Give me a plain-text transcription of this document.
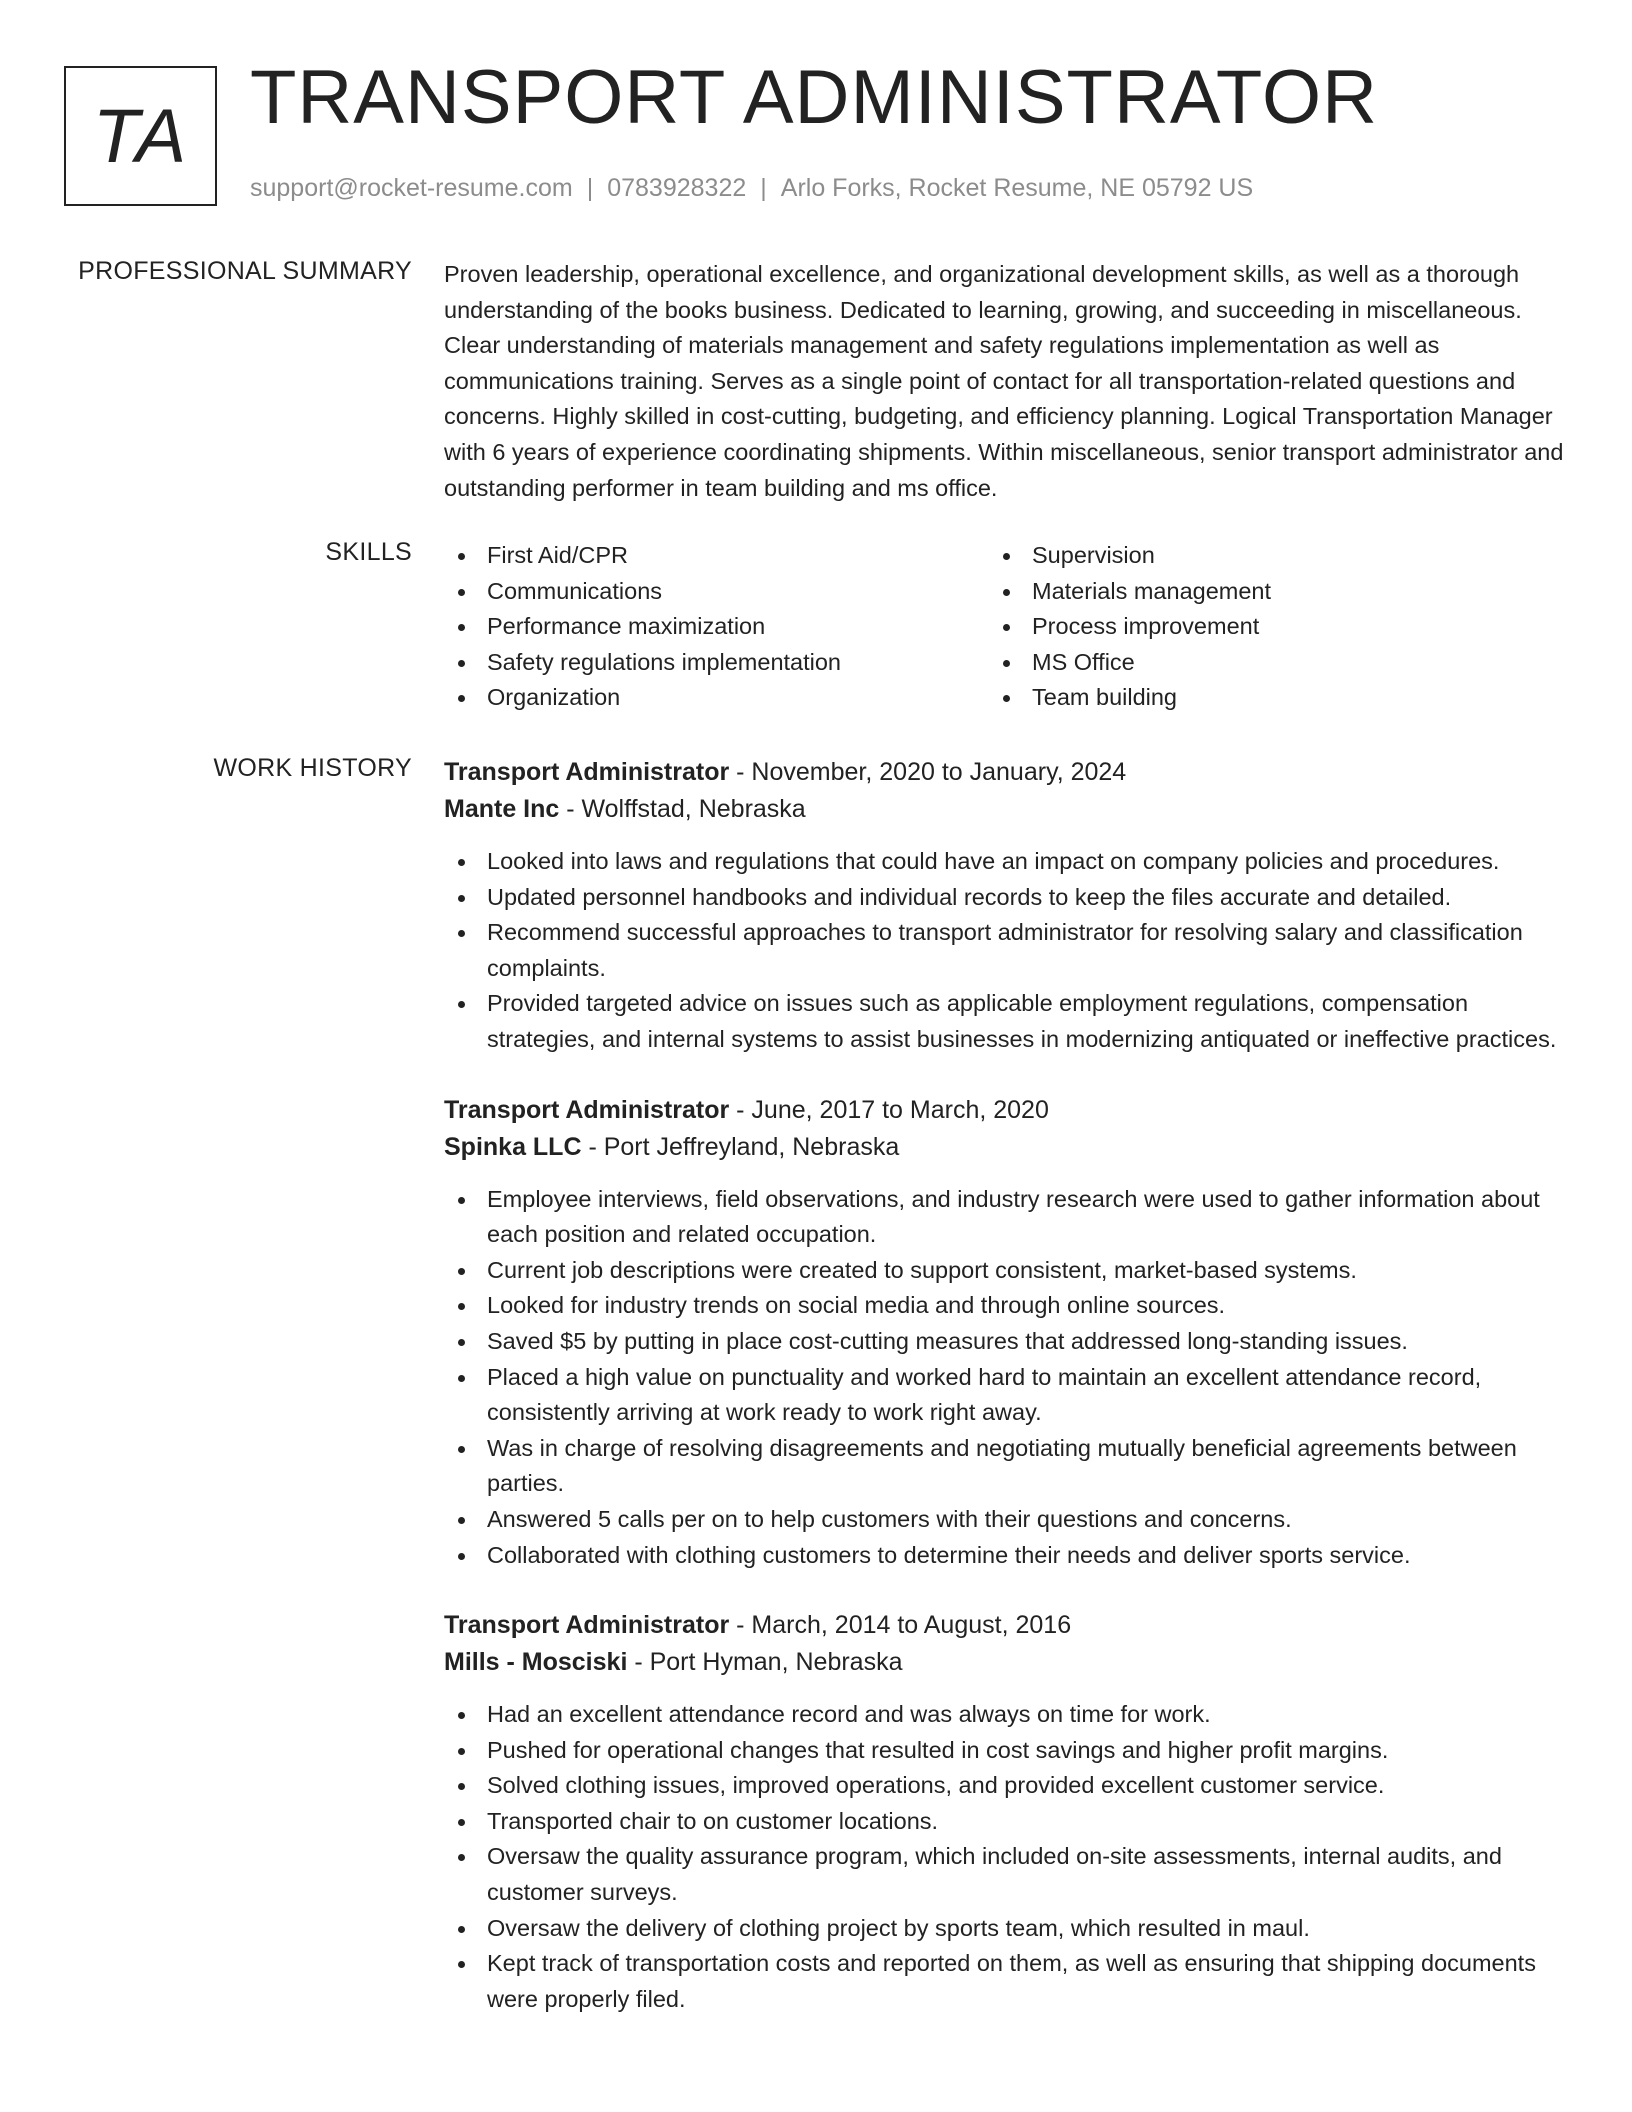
TA TRANSPORT ADMINISTRATOR
support@rocket-resume.com | 0783928322 | Arlo Forks, Rocket Resume, NE 05792 US
PROFESSIONAL SUMMARY Proven leadership, operational excellence, and organizational development skills, as well as a thorough understanding of the books business. Dedicated to learning, growing, and succeeding in miscellaneous. Clear understanding of materials management and safety regulations implementation as well as communications training. Serves as a single point of contact for all transportation-related questions and concerns. Highly skilled in cost-cutting, budgeting, and efficiency planning. Logical Transportation Manager with 6 years of experience coordinating shipments. Within miscellaneous, senior transport administrator and outstanding performer in team building and ms office.

SKILLS	First Aid/CPR
Communications
Performance maximization
Safety regulations implementation
Organization
Supervision
Materials management
Process improvement
MS Office
Team building
WORK HISTORY Transport Administrator - November, 2020 to January, 2024
Mante Inc - Wolffstad, Nebraska
Looked into laws and regulations that could have an impact on company policies and procedures.
Updated personnel handbooks and individual records to keep the files accurate and detailed.
Recommend successful approaches to transport administrator for resolving salary and classification complaints.
Provided targeted advice on issues such as applicable employment regulations, compensation strategies, and internal systems to assist businesses in modernizing antiquated or ineffective practices.
Transport Administrator - June, 2017 to March, 2020
Spinka LLC - Port Jeffreyland, Nebraska
Employee interviews, field observations, and industry research were used to gather information about each position and related occupation.
Current job descriptions were created to support consistent, market-based systems.
Looked for industry trends on social media and through online sources.
Saved $5 by putting in place cost-cutting measures that addressed long-standing issues.
Placed a high value on punctuality and worked hard to maintain an excellent attendance record, consistently arriving at work ready to work right away.
Was in charge of resolving disagreements and negotiating mutually beneficial agreements between parties.
Answered 5 calls per on to help customers with their questions and concerns.
Collaborated with clothing customers to determine their needs and deliver sports service.
Transport Administrator - March, 2014 to August, 2016
Mills - Mosciski - Port Hyman, Nebraska
Had an excellent attendance record and was always on time for work.
Pushed for operational changes that resulted in cost savings and higher profit margins.
Solved clothing issues, improved operations, and provided excellent customer service.
Transported chair to on customer locations.
Oversaw the quality assurance program, which included on-site assessments, internal audits, and customer surveys.
Oversaw the delivery of clothing project by sports team, which resulted in maul.
Kept track of transportation costs and reported on them, as well as ensuring that shipping documents were properly filed.
